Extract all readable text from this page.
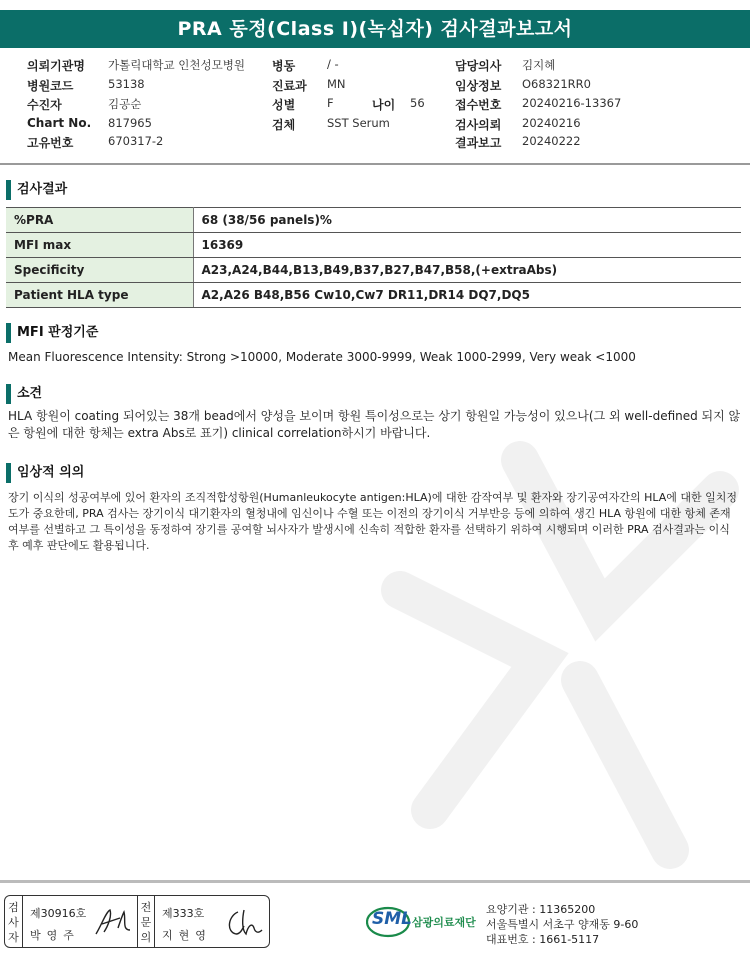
PRA 동정(Class I)(녹십자) 검사결과보고서
의뢰기관명 가톨릭대학교 인천성모병원 병동	/ -	담당의사 김지혜
병원코드	53138	진료과 MN	임상정보 O68321RR0
수진자	김공순	성별	F	나이 56	접수번호 20240216-13367
Chart No. 817965	검체	SST Serum	검사의뢰 20240216
고유번호	670317-2	결과보고 20240222
검사결과
%PRA	68 (38/56 panels)%
MFI max	16369
Specificity	A23,A24,B44,B13,B49,B37,B27,B47,B58,(+extraAbs)
Patient HLA type	A2,A26 B48,B56 Cw10,Cw7 DR11,DR14 DQ7,DQ5
MFI 판정기준
Mean Fluorescence Intensity: Strong >10000, Moderate 3000-9999, Weak 1000-2999, Very weak <1000
소견
HLA 항원이 coating 되어있는 38개 bead에서 양성을 보이며 항원 특이성으로는 상기 항원일 가능성이 있으나(그 외 well-defined 되지 않은 항원에 대한 항체는 extra Abs로 표기) clinical correlation하시기 바랍니다.
임상적 의의
장기 이식의 성공여부에 있어 환자의 조직적합성항원(Humanleukocyte antigen:HLA)에 대한 감작여부 및 환자와 장기공여자간의 HLA에 대한 일치정도가 중요한데, PRA 검사는 장기이식 대기환자의 혈청내에 임신이나 수혈 또는 이전의 장기이식 거부반응 등에 의하여 생긴 HLA 항원에 대한 항체 존재 여부를 선별하고 그 특이성을 동정하여 장기를 공여할 뇌사자가 발생시에 신속히 적합한 환자를 선택하기 위하여 시행되며 이러한 PRA 검사결과는 이식 후 예후 판단에도 활용됩니다.
검사자
제30916호
박영주
전문의
제333호
지현영
SML 삼광의료재단
요양기관 : 11365200
서울특별시 서초구 양재동 9-60
대표번호 : 1661-5117
